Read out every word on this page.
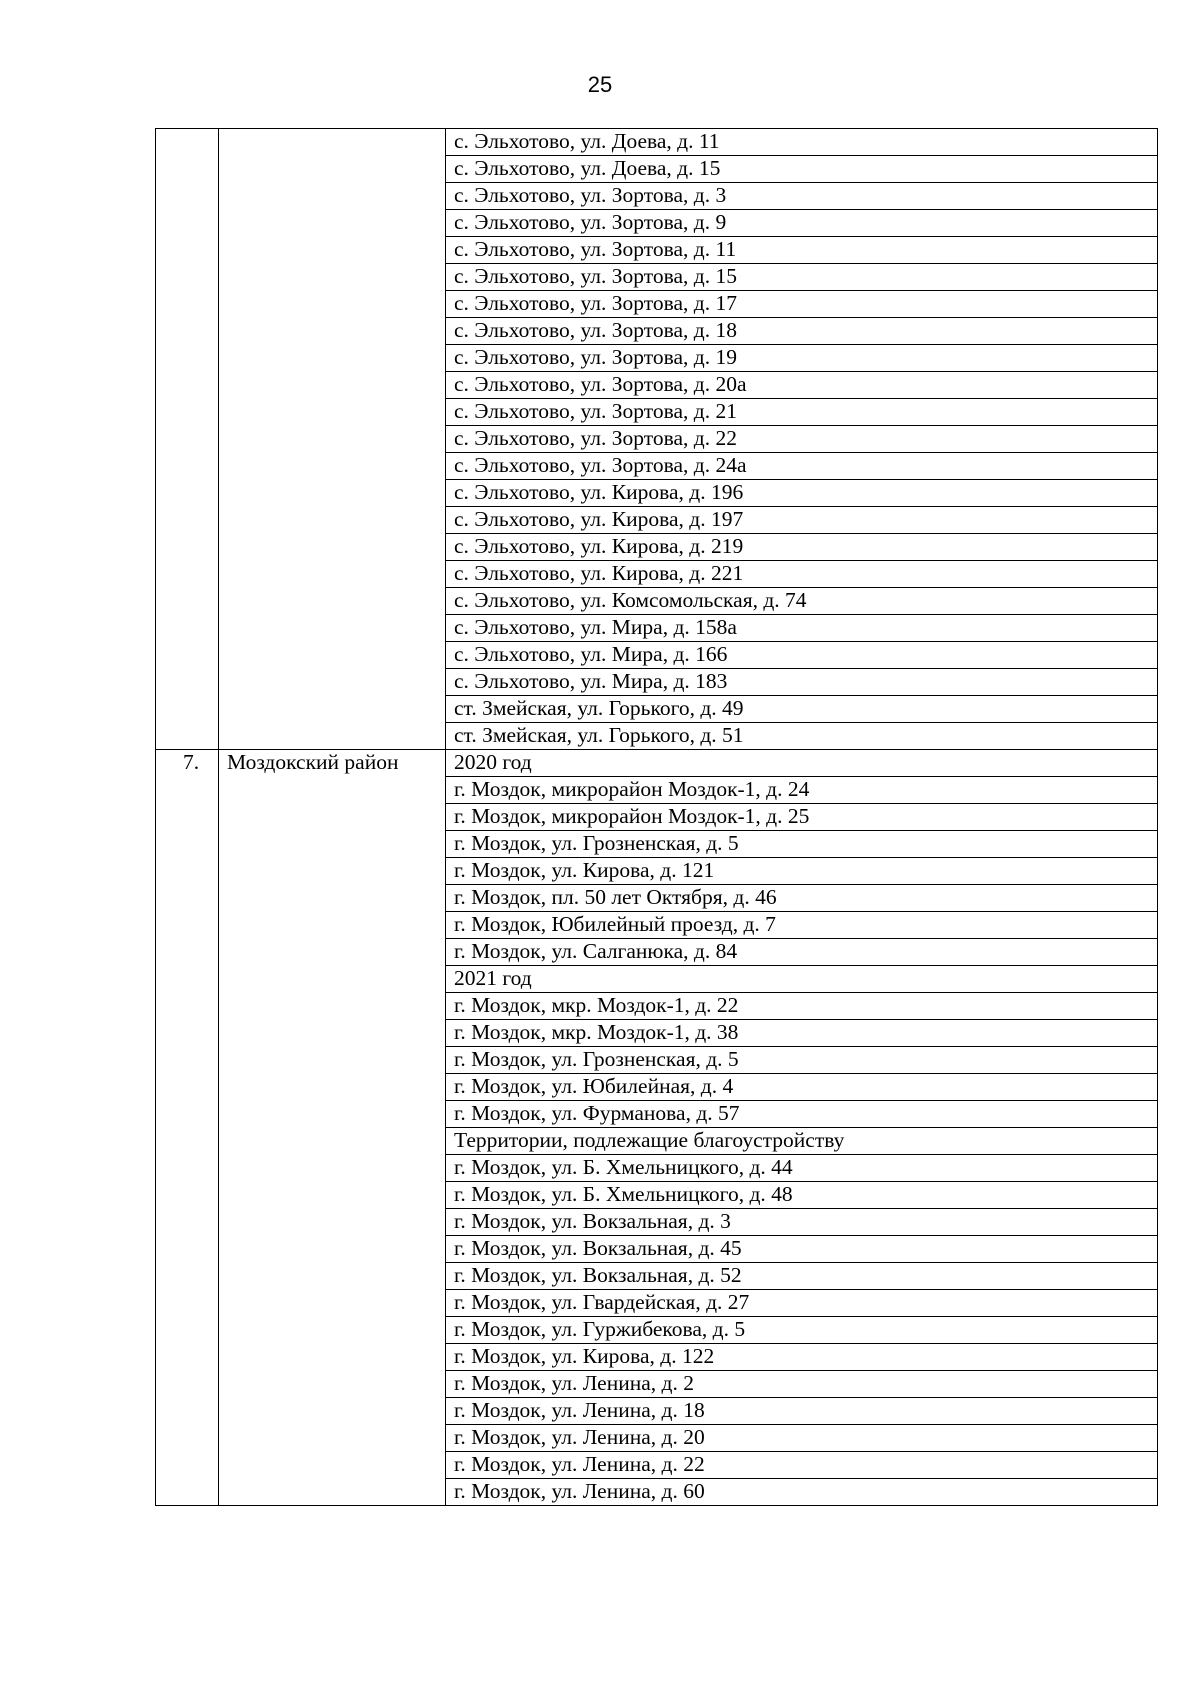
25
		с. Эльхотово, ул. Доева, д. 11
		с. Эльхотово, ул. Доева, д. 15
		с. Эльхотово, ул. Зортова, д. 3
		с. Эльхотово, ул. Зортова, д. 9
		с. Эльхотово, ул. Зортова, д. 11
		с. Эльхотово, ул. Зортова, д. 15
		с. Эльхотово, ул. Зортова, д. 17
		с. Эльхотово, ул. Зортова, д. 18
		с. Эльхотово, ул. Зортова, д. 19
		с. Эльхотово, ул. Зортова, д. 20а
		с. Эльхотово, ул. Зортова, д. 21
		с. Эльхотово, ул. Зортова, д. 22
		с. Эльхотово, ул. Зортова, д. 24а
		с. Эльхотово, ул. Кирова, д. 196
		с. Эльхотово, ул. Кирова, д. 197
		с. Эльхотово, ул. Кирова, д. 219
		с. Эльхотово, ул. Кирова, д. 221
		с. Эльхотово, ул. Комсомольская, д. 74
		с. Эльхотово, ул. Мира, д. 158а
		с. Эльхотово, ул. Мира, д. 166
		с. Эльхотово, ул. Мира, д. 183
		ст. Змейская, ул. Горького, д. 49
		ст. Змейская, ул. Горького, д. 51
7.	Моздокский район	2020 год
		г. Моздок, микрорайон Моздок-1, д. 24
		г. Моздок, микрорайон Моздок-1, д. 25
		г. Моздок, ул. Грозненская, д. 5
		г. Моздок, ул. Кирова, д. 121
		г. Моздок, пл. 50 лет Октября, д. 46
		г. Моздок, Юбилейный проезд, д. 7
		г. Моздок, ул. Салганюка, д. 84
		2021 год
		г. Моздок, мкр. Моздок-1, д. 22
		г. Моздок, мкр. Моздок-1, д. 38
		г. Моздок, ул. Грозненская, д. 5
		г. Моздок, ул. Юбилейная, д. 4
		г. Моздок, ул. Фурманова, д. 57
		Территории, подлежащие благоустройству
		г. Моздок, ул. Б. Хмельницкого, д. 44
		г. Моздок, ул. Б. Хмельницкого, д. 48
		г. Моздок, ул. Вокзальная, д. 3
		г. Моздок, ул. Вокзальная, д. 45
		г. Моздок, ул. Вокзальная, д. 52
		г. Моздок, ул. Гвардейская, д. 27
		г. Моздок, ул. Гуржибекова, д. 5
		г. Моздок, ул. Кирова, д. 122
		г. Моздок, ул. Ленина, д. 2
		г. Моздок, ул. Ленина, д. 18
		г. Моздок, ул. Ленина, д. 20
		г. Моздок, ул. Ленина, д. 22
		г. Моздок, ул. Ленина, д. 60
